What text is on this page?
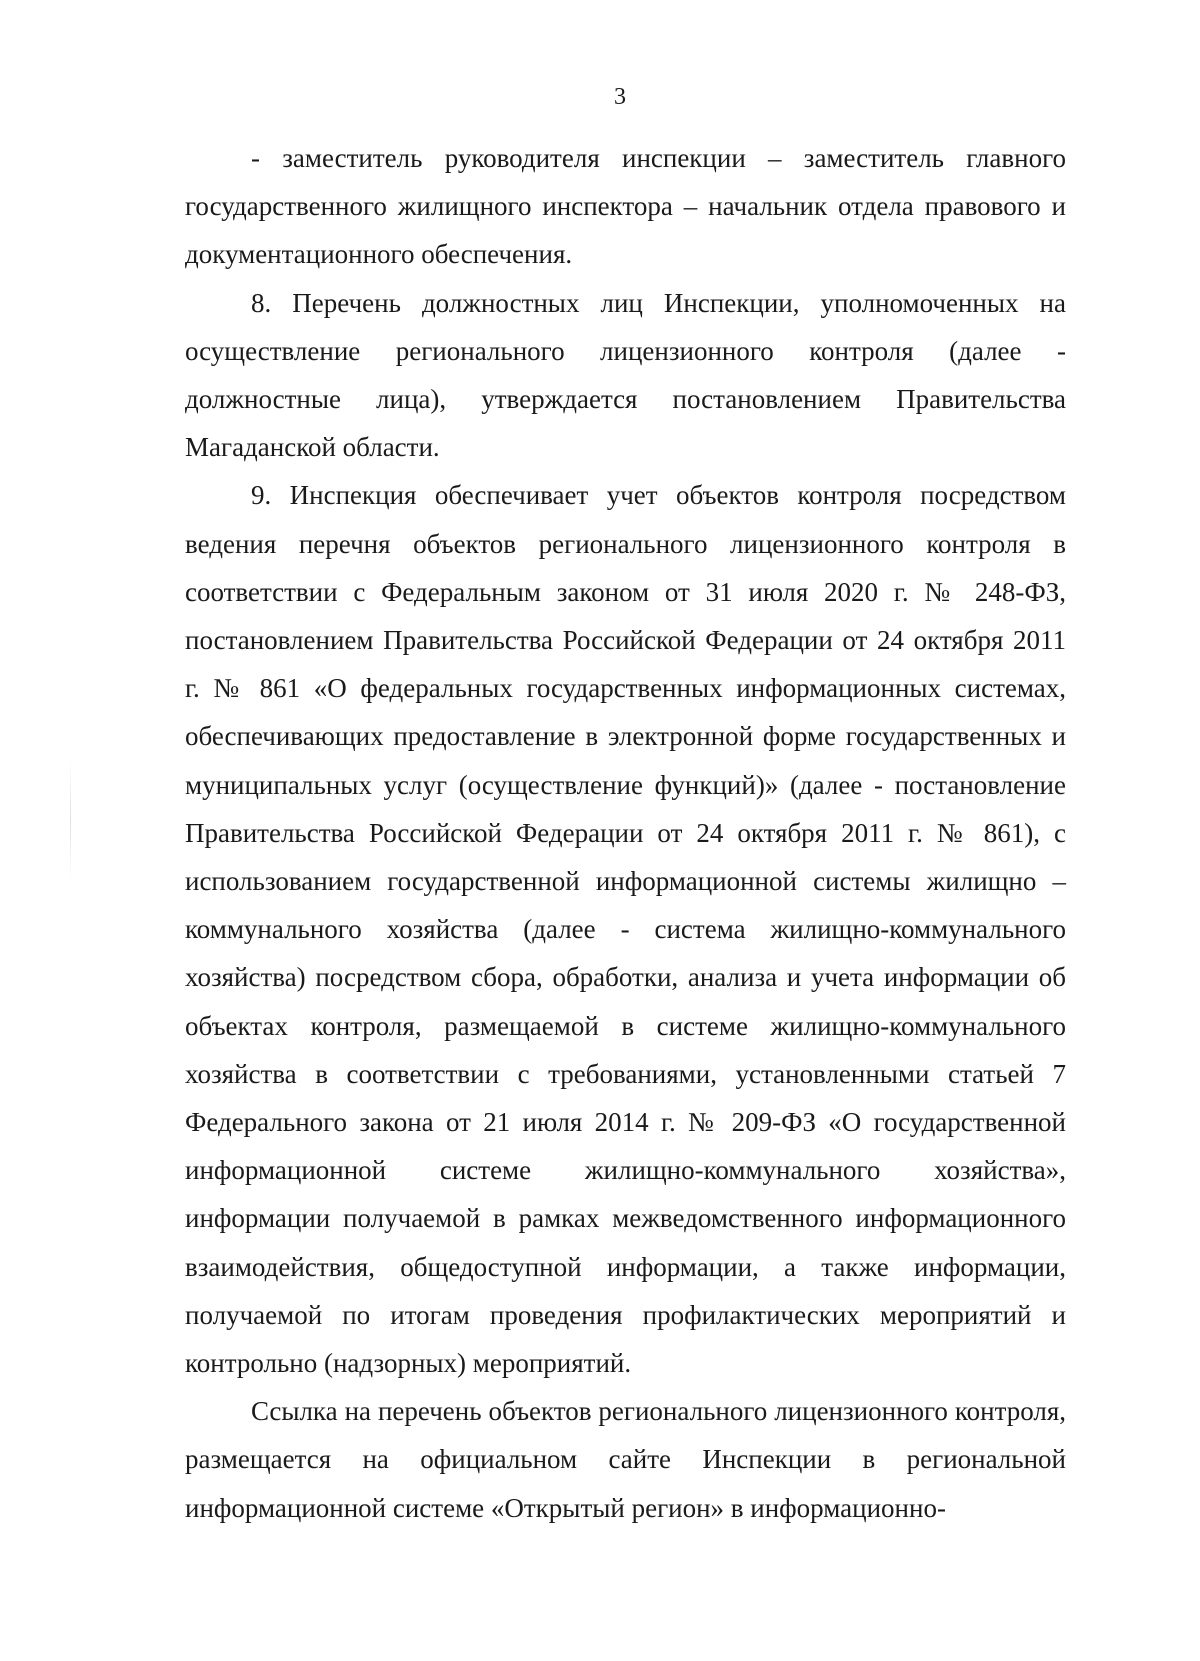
3

- заместитель руководителя инспекции – заместитель главного государственного жилищного инспектора – начальник отдела правового и документационного обеспечения.

8. Перечень должностных лиц Инспекции, уполномоченных на осуществление регионального лицензионного контроля (далее - должностные лица), утверждается постановлением Правительства Магаданской области.

9. Инспекция обеспечивает учет объектов контроля посредством ведения перечня объектов регионального лицензионного контроля в соответствии с Федеральным законом от 31 июля 2020 г. № 248-ФЗ, постановлением Правительства Российской Федерации от 24 октября 2011 г. № 861 «О федеральных государственных информационных системах, обеспечивающих предоставление в электронной форме государственных и муниципальных услуг (осуществление функций)» (далее - постановление Правительства Российской Федерации от 24 октября 2011 г. № 861), с использованием государственной информационной системы жилищно – коммунального хозяйства (далее - система жилищно-коммунального хозяйства) посредством сбора, обработки, анализа и учета информации об объектах контроля, размещаемой в системе жилищно-коммунального хозяйства в соответствии с требованиями, установленными статьей 7 Федерального закона от 21 июля 2014 г. № 209-ФЗ «О государственной информационной системе жилищно-коммунального хозяйства», информации получаемой в рамках межведомственного информационного взаимодействия, общедоступной информации, а также информации, получаемой по итогам проведения профилактических мероприятий и контрольно (надзорных) мероприятий.

Ссылка на перечень объектов регионального лицензионного контроля, размещается на официальном сайте Инспекции в региональной информационной системе «Открытый регион» в информационно-
